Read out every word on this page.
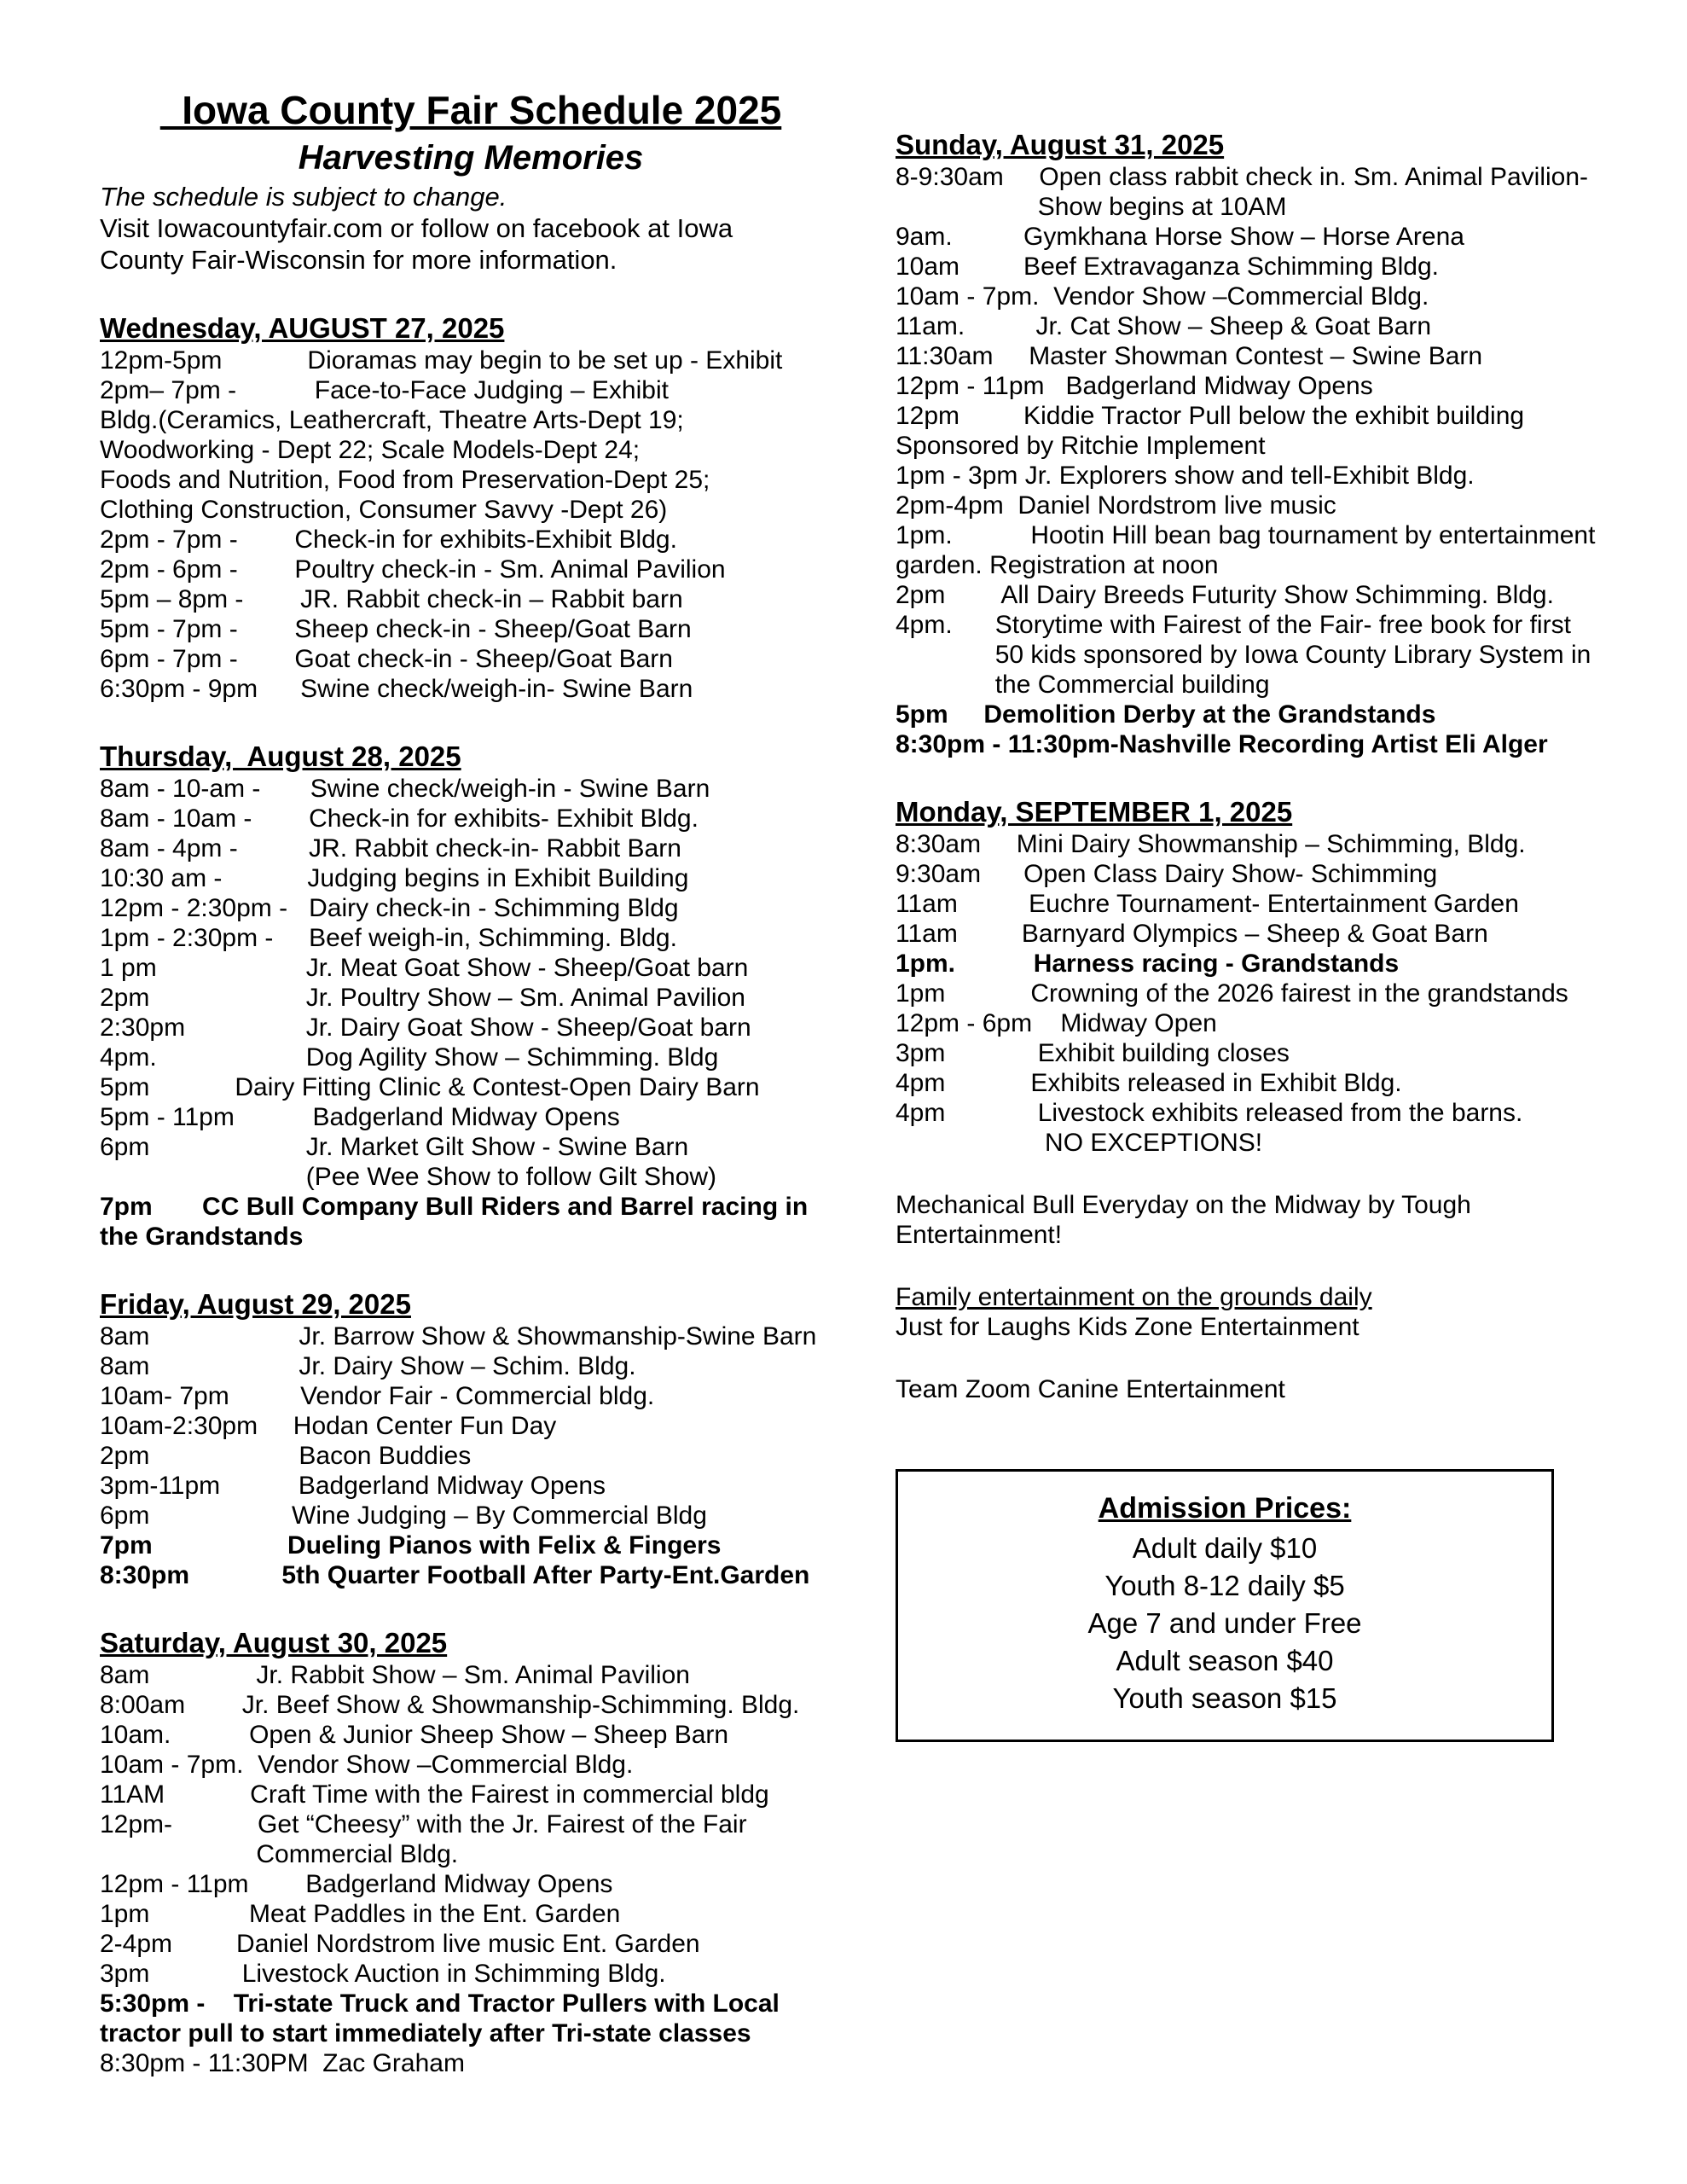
Iowa County Fair Schedule 2025
Harvesting Memories
The schedule is subject to change.
Visit Iowacountyfair.com or follow on facebook at Iowa
County Fair-Wisconsin for more information.
Wednesday, AUGUST 27, 2025
12pm-5pm            Dioramas may begin to be set up - Exhibit
2pm– 7pm -           Face-to-Face Judging – Exhibit
Bldg.(Ceramics, Leathercraft, Theatre Arts-Dept 19;
Woodworking - Dept 22; Scale Models-Dept 24;
Foods and Nutrition, Food from Preservation-Dept 25;
Clothing Construction, Consumer Savvy -Dept 26)
2pm - 7pm -        Check-in for exhibits-Exhibit Bldg.
2pm - 6pm -        Poultry check-in - Sm. Animal Pavilion
5pm – 8pm -        JR. Rabbit check-in – Rabbit barn
5pm - 7pm -        Sheep check-in - Sheep/Goat Barn
6pm - 7pm -        Goat check-in - Sheep/Goat Barn
6:30pm - 9pm      Swine check/weigh-in- Swine Barn
Thursday,  August 28, 2025
8am - 10-am -       Swine check/weigh-in - Swine Barn
8am - 10am -        Check-in for exhibits- Exhibit Bldg.
8am - 4pm -          JR. Rabbit check-in- Rabbit Barn
10:30 am -            Judging begins in Exhibit Building
12pm - 2:30pm -   Dairy check-in - Schimming Bldg
1pm - 2:30pm -     Beef weigh-in, Schimming. Bldg.
1 pm                     Jr. Meat Goat Show - Sheep/Goat barn
2pm                      Jr. Poultry Show – Sm. Animal Pavilion
2:30pm                 Jr. Dairy Goat Show - Sheep/Goat barn
4pm.                     Dog Agility Show – Schimming. Bldg
5pm            Dairy Fitting Clinic & Contest-Open Dairy Barn
5pm - 11pm           Badgerland Midway Opens
6pm                      Jr. Market Gilt Show - Swine Barn
(Pee Wee Show to follow Gilt Show)
7pm       CC Bull Company Bull Riders and Barrel racing in
the Grandstands
Friday, August 29, 2025
8am                     Jr. Barrow Show & Showmanship-Swine Barn
8am                     Jr. Dairy Show – Schim. Bldg.
10am- 7pm          Vendor Fair - Commercial bldg.
10am-2:30pm     Hodan Center Fun Day
2pm                     Bacon Buddies
3pm-11pm           Badgerland Midway Opens
6pm                    Wine Judging – By Commercial Bldg
7pm                   Dueling Pianos with Felix & Fingers
8:30pm             5th Quarter Football After Party-Ent.Garden
Saturday, August 30, 2025
8am               Jr. Rabbit Show – Sm. Animal Pavilion
8:00am        Jr. Beef Show & Showmanship-Schimming. Bldg.
10am.           Open & Junior Sheep Show – Sheep Barn
10am - 7pm.  Vendor Show –Commercial Bldg.
11AM            Craft Time with the Fairest in commercial bldg
12pm-            Get “Cheesy” with the Jr. Fairest of the Fair
Commercial Bldg.
12pm - 11pm        Badgerland Midway Opens
1pm              Meat Paddles in the Ent. Garden
2-4pm         Daniel Nordstrom live music Ent. Garden
3pm             Livestock Auction in Schimming Bldg.
5:30pm -    Tri-state Truck and Tractor Pullers with Local
tractor pull to start immediately after Tri-state classes
8:30pm - 11:30PM  Zac Graham
Sunday, August 31, 2025
8-9:30am     Open class rabbit check in. Sm. Animal Pavilion-
Show begins at 10AM
9am.          Gymkhana Horse Show – Horse Arena
10am         Beef Extravaganza Schimming Bldg.
10am - 7pm.  Vendor Show –Commercial Bldg.
11am.          Jr. Cat Show – Sheep & Goat Barn
11:30am     Master Showman Contest – Swine Barn
12pm - 11pm   Badgerland Midway Opens
12pm         Kiddie Tractor Pull below the exhibit building
Sponsored by Ritchie Implement
1pm - 3pm Jr. Explorers show and tell-Exhibit Bldg.
2pm-4pm  Daniel Nordstrom live music
1pm.           Hootin Hill bean bag tournament by entertainment
garden. Registration at noon
2pm        All Dairy Breeds Futurity Show Schimming. Bldg.
4pm.      Storytime with Fairest of the Fair- free book for first
50 kids sponsored by Iowa County Library System in
the Commercial building
5pm     Demolition Derby at the Grandstands
8:30pm - 11:30pm-Nashville Recording Artist Eli Alger
Monday, SEPTEMBER 1, 2025
8:30am     Mini Dairy Showmanship – Schimming, Bldg.
9:30am      Open Class Dairy Show- Schimming
11am          Euchre Tournament- Entertainment Garden
11am         Barnyard Olympics – Sheep & Goat Barn
1pm.           Harness racing - Grandstands
1pm            Crowning of the 2026 fairest in the grandstands
12pm - 6pm    Midway Open
3pm             Exhibit building closes
4pm            Exhibits released in Exhibit Bldg.
4pm             Livestock exhibits released from the barns.
NO EXCEPTIONS!
Mechanical Bull Everyday on the Midway by Tough
Entertainment!
Family entertainment on the grounds daily
Just for Laughs Kids Zone Entertainment
Team Zoom Canine Entertainment
Admission Prices:
Adult daily $10
Youth 8-12 daily $5
Age 7 and under Free
Adult season $40
Youth season $15
